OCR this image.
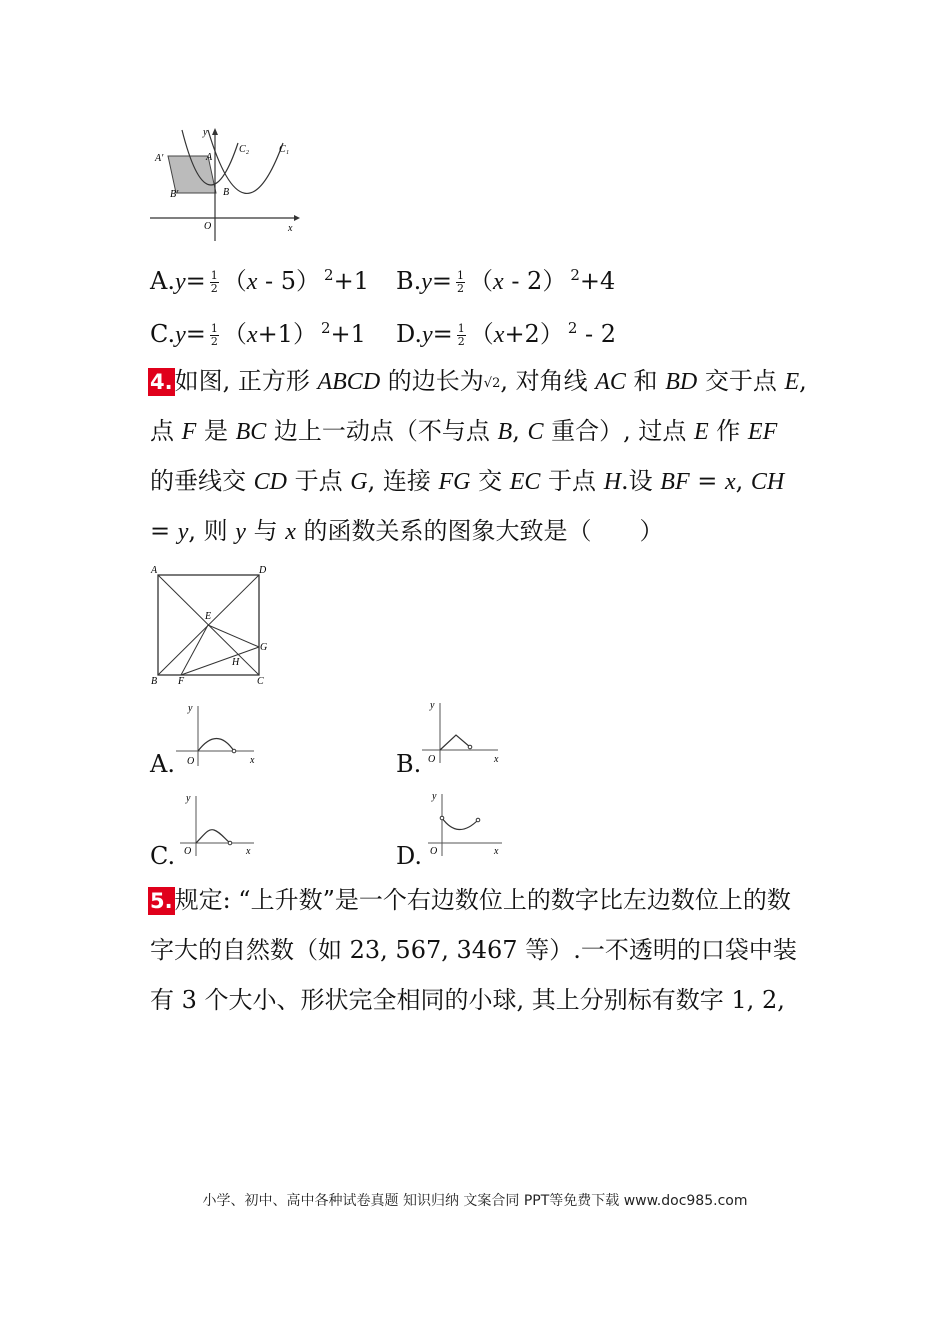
y
x
O
A′	A
B′	B
C₂	C₁
$A.y= \frac{1}{2} (x - 5)$ $^2$+1 $B.y= \frac{1}{2} (x - 2)$ $^2$+4
$C.y= \frac{1}{2} (x+1)$ $^2$+1 $D.y= \frac{1}{2} (x+2)$ $^2$ - 2
4.如图, 正方形 ABCD 的边长为√2, 对角线 AC 和 BD 交于点 E,
点 F 是 BC 边上一动点（不与点 B, C 重合）, 过点 E 作 EF
的垂线交 CD 于点 G, 连接 FG 交 EC 于点 H.设 BF = x, CH
= y, 则 y 与 x 的函数关系的图象大致是（　　）
A	D
E
G
H
B F	C
A.
y
x
O	B.
y
x
O
C.
y
x
O	D.
y
x
O
5.规定: “上升数”是一个右边数位上的数字比左边数位上的数
字大的自然数（如 23, 567, 3467 等）.一不透明的口袋中装
有 3 个大小、形状完全相同的小球, 其上分别标有数字 1, 2,
小学、初中、高中各种试卷真题 知识归纳 文案合同 PPT等免费下载 www.doc985.com
